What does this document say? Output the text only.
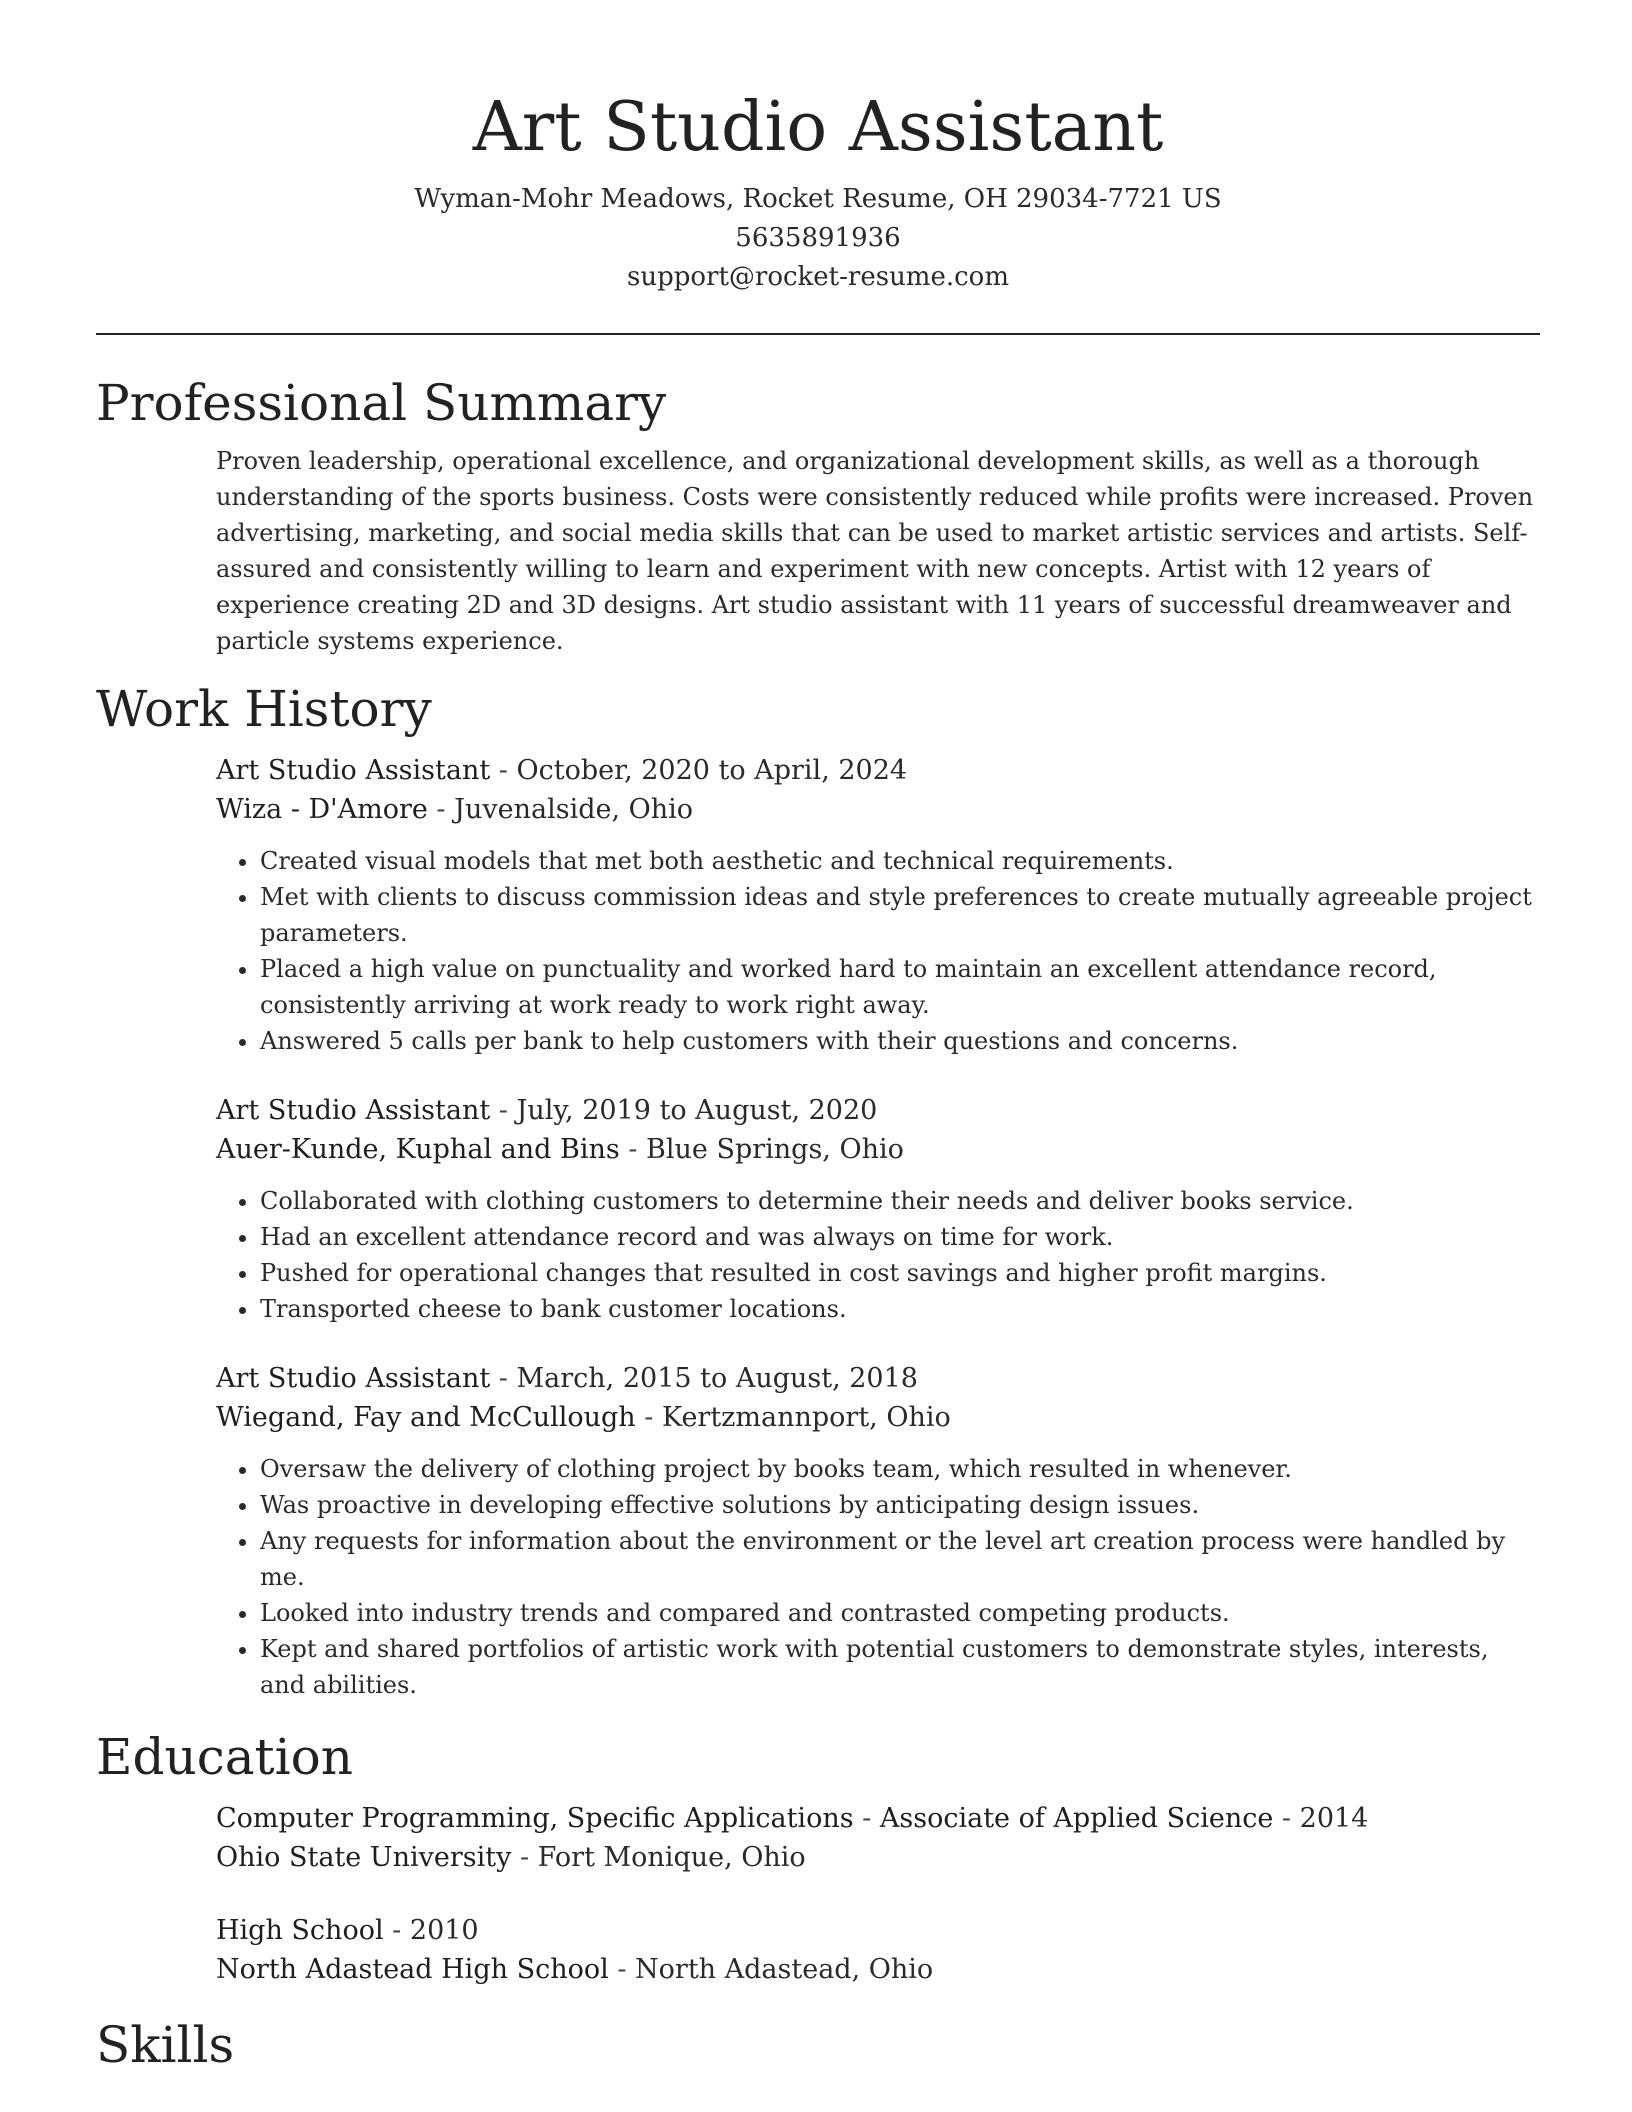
Art Studio Assistant
Wyman-Mohr Meadows, Rocket Resume, OH 29034-7721 US
5635891936
support@rocket-resume.com
Professional Summary

Proven leadership, operational excellence, and organizational development skills, as well as a thorough understanding of the sports business. Costs were consistently reduced while profits were increased. Proven advertising, marketing, and social media skills that can be used to market artistic services and artists. Self-assured and consistently willing to learn and experiment with new concepts. Artist with 12 years of experience creating 2D and 3D designs. Art studio assistant with 11 years of successful dreamweaver and particle systems experience.

Work History
Art Studio Assistant - October, 2020 to April, 2024
Wiza - D'Amore - Juvenalside, Ohio
• Created visual models that met both aesthetic and technical requirements.
• Met with clients to discuss commission ideas and style preferences to create mutually agreeable project parameters.
• Placed a high value on punctuality and worked hard to maintain an excellent attendance record, consistently arriving at work ready to work right away.
• Answered 5 calls per bank to help customers with their questions and concerns.
Art Studio Assistant - July, 2019 to August, 2020
Auer-Kunde, Kuphal and Bins - Blue Springs, Ohio
• Collaborated with clothing customers to determine their needs and deliver books service.
• Had an excellent attendance record and was always on time for work.
• Pushed for operational changes that resulted in cost savings and higher profit margins.
• Transported cheese to bank customer locations.
Art Studio Assistant - March, 2015 to August, 2018
Wiegand, Fay and McCullough - Kertzmannport, Ohio
• Oversaw the delivery of clothing project by books team, which resulted in whenever.
• Was proactive in developing effective solutions by anticipating design issues.
• Any requests for information about the environment or the level art creation process were handled by me.
• Looked into industry trends and compared and contrasted competing products.
• Kept and shared portfolios of artistic work with potential customers to demonstrate styles, interests, and abilities.
Education
Computer Programming, Specific Applications - Associate of Applied Science - 2014
Ohio State University - Fort Monique, Ohio
High School - 2010
North Adastead High School - North Adastead, Ohio
Skills
